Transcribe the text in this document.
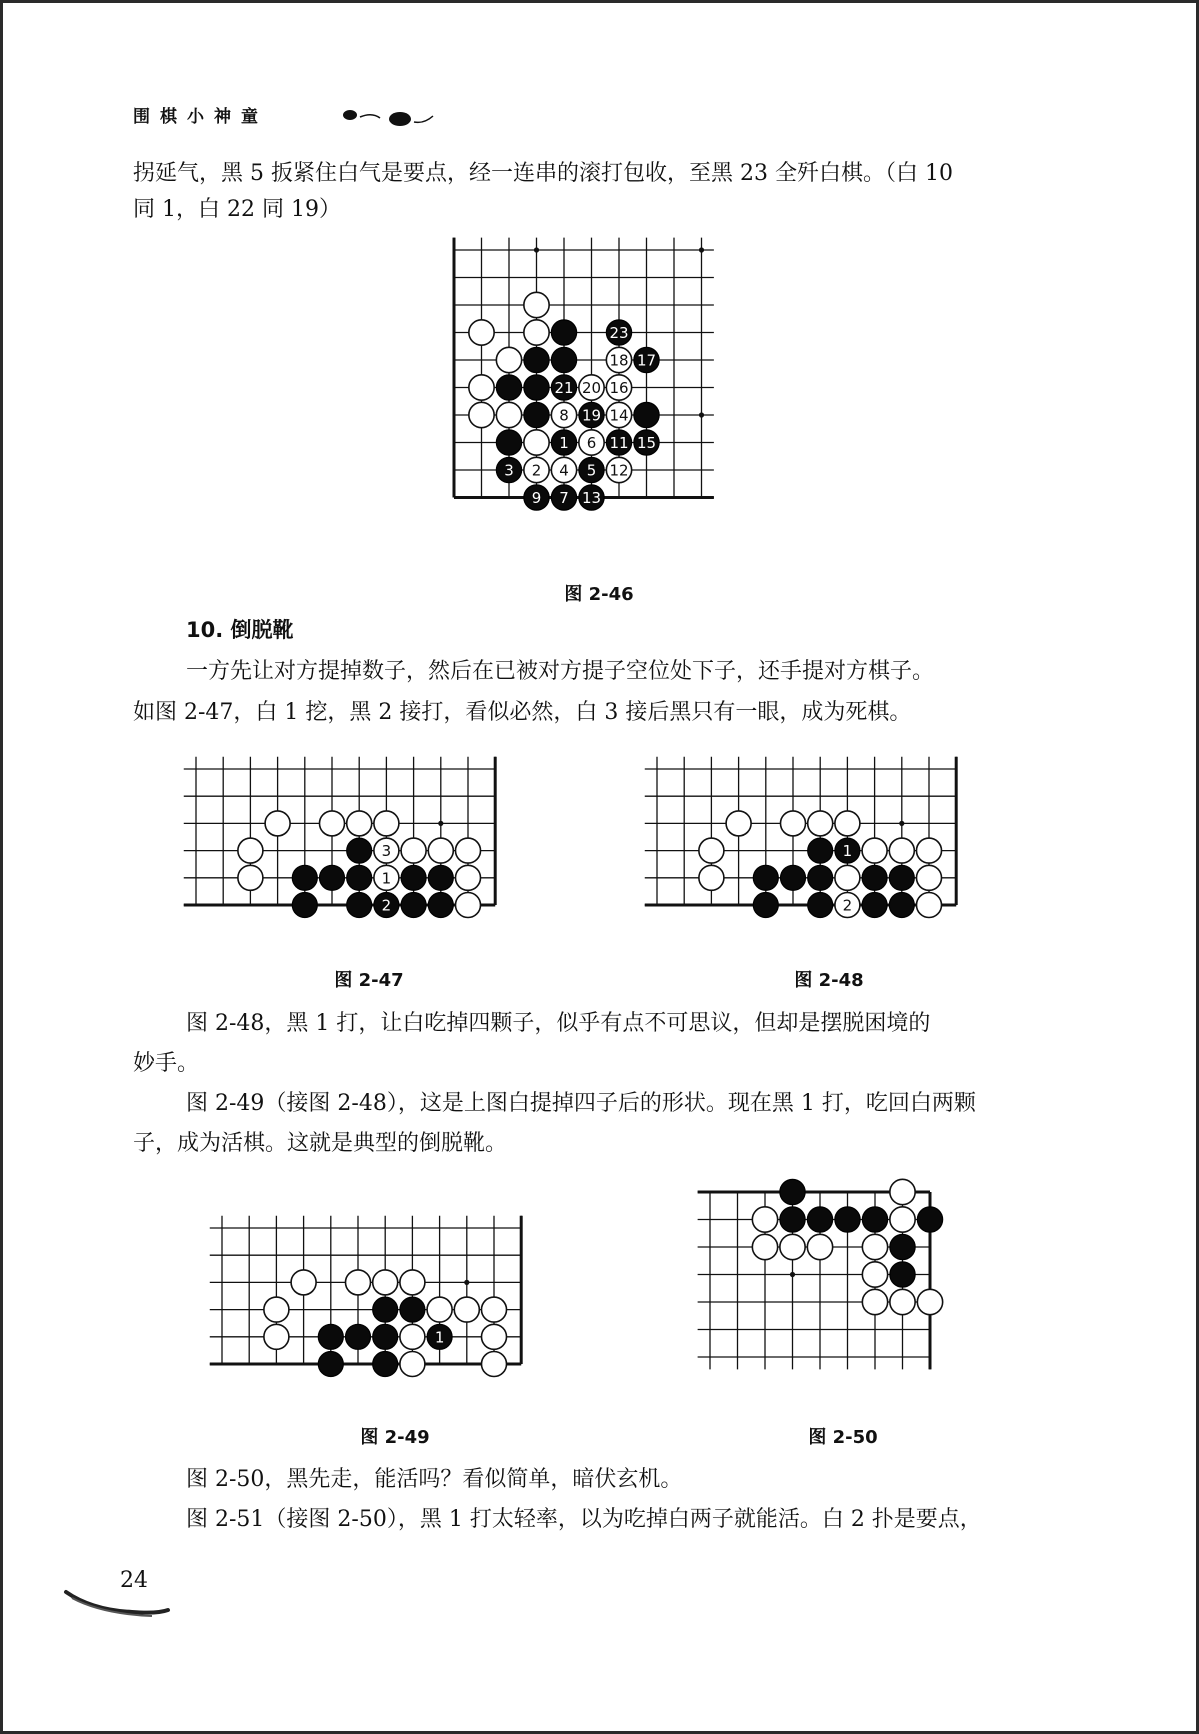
围棋小神童
拐延气，黑 5 扳紧住白气是要点，经一连串的滚打包收，至黑 23 全歼白棋。（白 10
同 1，白 22 同 19）
23
18 17
21 20 16
8 19 14
1 6 11 15
3 2 4 5 12
9 7 13
图 2-46
10. 倒脱靴
一方先让对方提掉数子，然后在已被对方提子空位处下子，还手提对方棋子。
如图 2-47，白 1 挖，黑 2 接打，看似必然，白 3 接后黑只有一眼，成为死棋。
3
1
2
图 2-47
1
2
图 2-48
图 2-48，黑 1 打，让白吃掉四颗子，似乎有点不可思议，但却是摆脱困境的
妙手。
图 2-49（接图 2-48），这是上图白提掉四子后的形状。现在黑 1 打，吃回白两颗
子，成为活棋。这就是典型的倒脱靴。
1
图 2-49	图 2-50
图 2-50，黑先走，能活吗？看似简单，暗伏玄机。
图 2-51（接图 2-50），黑 1 打太轻率，以为吃掉白两子就能活。白 2 扑是要点，
24
